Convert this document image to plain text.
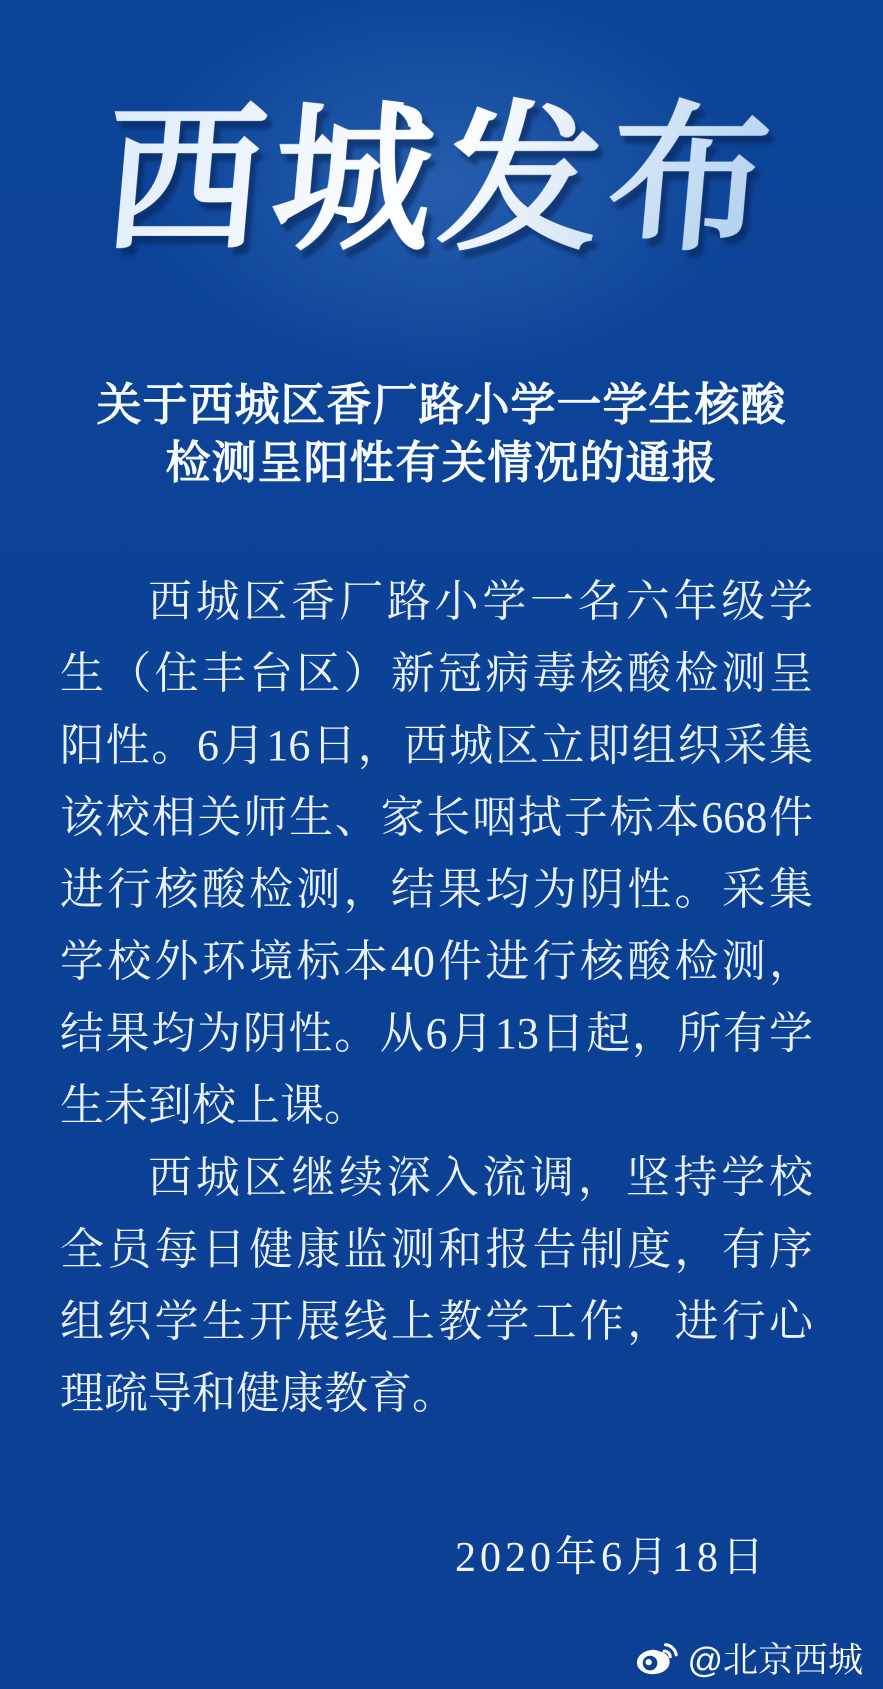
西城发布
关于西城区香厂路小学一学生核酸
检测呈阳性有关情况的通报
西城区香厂路小学一名六年级学
生（住丰台区）新冠病毒核酸检测呈
阳性。6月16日，西城区立即组织采集
该校相关师生、家长咽拭子标本668件
进行核酸检测，结果均为阴性。采集
学校外环境标本40件进行核酸检测，
结果均为阴性。从6月13日起，所有学
生未到校上课。
西城区继续深入流调，坚持学校
全员每日健康监测和报告制度，有序
组织学生开展线上教学工作，进行心
理疏导和健康教育。
2020年6月18日
@北京西城
